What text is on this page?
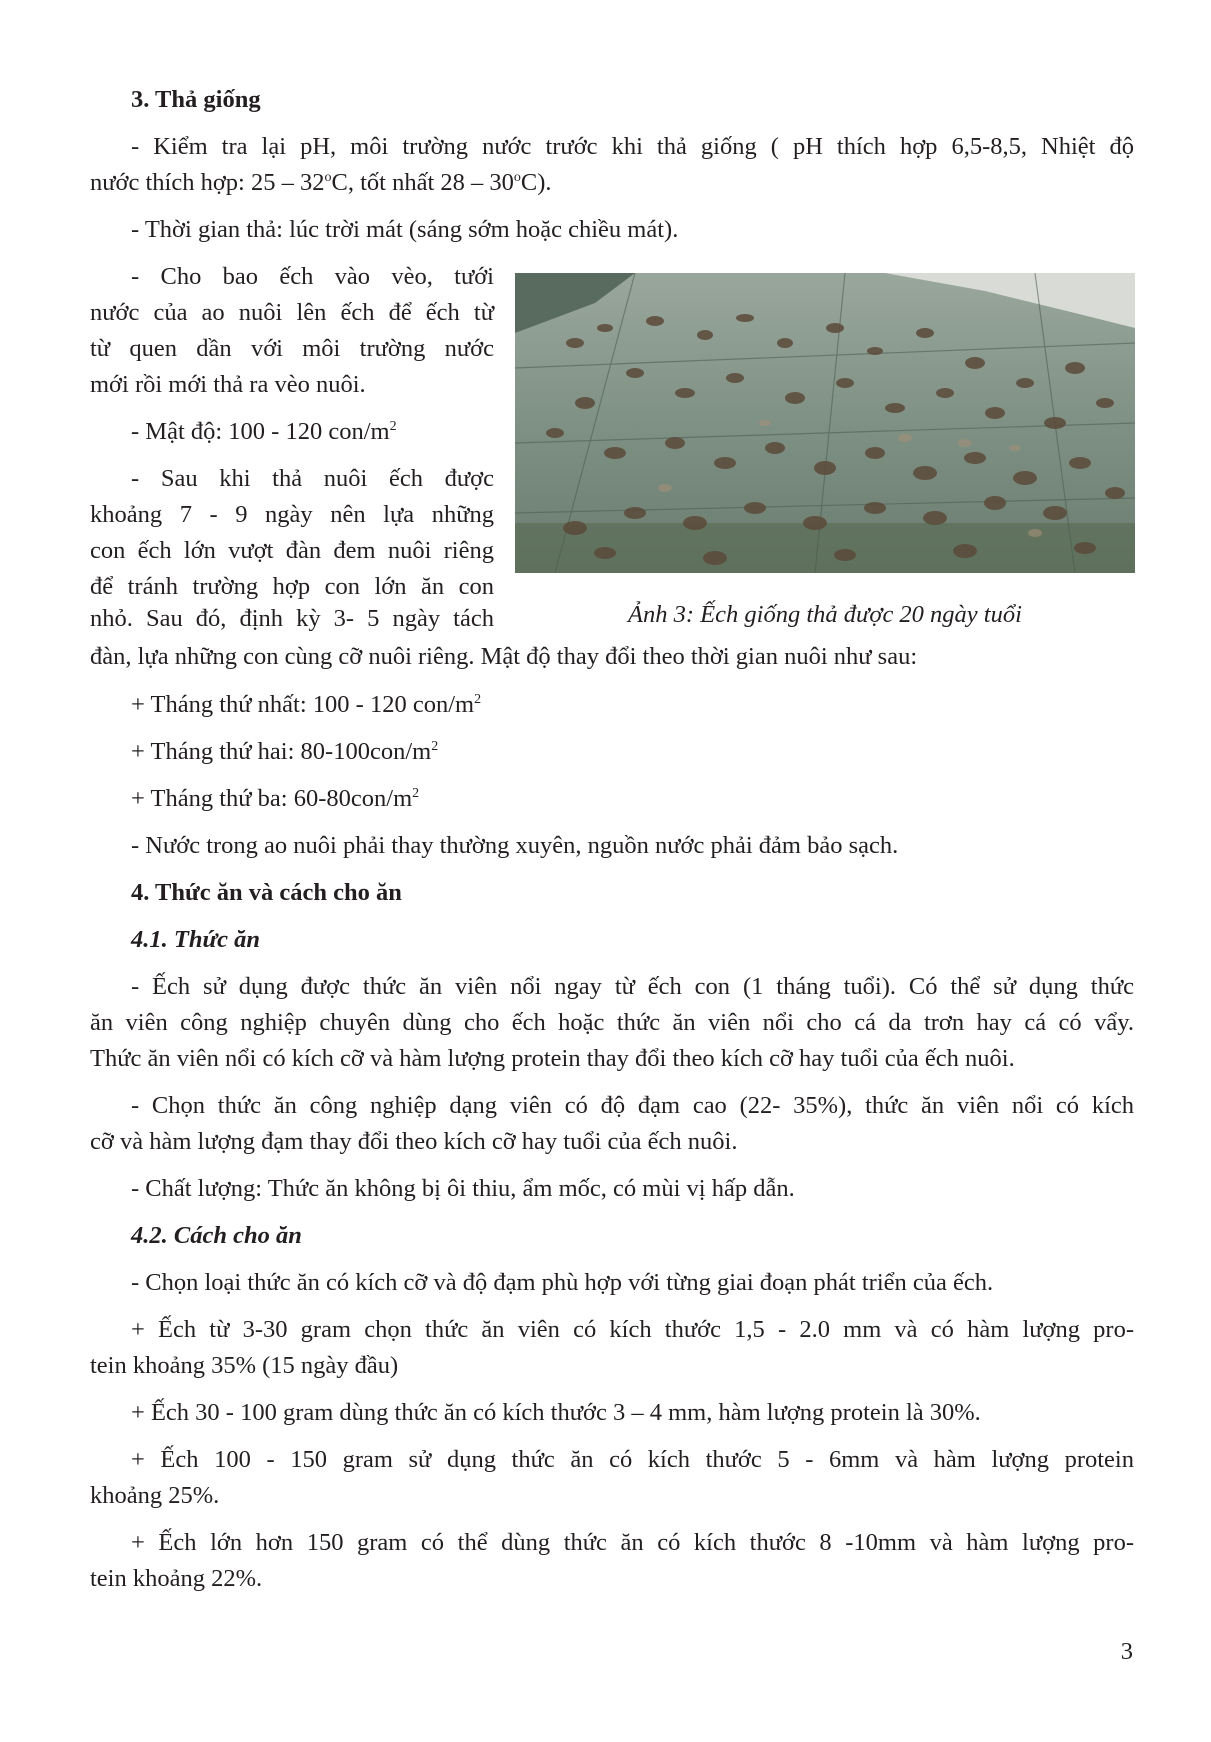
3. Thả giống
- Kiểm tra lại pH, môi trường nước trước khi thả giống ( pH thích hợp 6,5-8,5, Nhiệt độ
nước thích hợp: 25 – 32$^o$C, tốt nhất 28 – 30$^o$C).
- Thời gian thả: lúc trời mát (sáng sớm hoặc chiều mát).
- Cho bao ếch vào vèo, tưới
nước của ao nuôi lên ếch để ếch từ
từ quen dần với môi trường nước
mới rồi mới thả ra vèo nuôi.
- Mật độ: 100 - 120 con/$m^2$
- Sau khi thả nuôi ếch được
khoảng 7 - 9 ngày nên lựa những
con ếch lớn vượt đàn đem nuôi riêng
để tránh trường hợp con lớn ăn con
nhỏ. Sau đó, định kỳ 3- 5 ngày tách
đàn, lựa những con cùng cỡ nuôi riêng. Mật độ thay đổi theo thời gian nuôi như sau:
+ Tháng thứ nhất: 100 - 120 con/$m^2$
+ Tháng thứ hai: $80-100con/m^2$
+ Tháng thứ ba: $60-80con/m^2$
- Nước trong ao nuôi phải thay thường xuyên, nguồn nước phải đảm bảo sạch.
Ảnh 3: Ếch giống thả được 20 ngày tuổi
4. Thức ăn và cách cho ăn
4.1. Thức ăn
- Ếch sử dụng được thức ăn viên nổi ngay từ ếch con (1 tháng tuổi). Có thể sử dụng thức
ăn viên công nghiệp chuyên dùng cho ếch hoặc thức ăn viên nổi cho cá da trơn hay cá có vẩy.
Thức ăn viên nổi có kích cỡ và hàm lượng protein thay đổi theo kích cỡ hay tuổi của ếch nuôi.
- Chọn thức ăn công nghiệp dạng viên có độ đạm cao (22- 35%), thức ăn viên nổi có kích
cỡ và hàm lượng đạm thay đổi theo kích cỡ hay tuổi của ếch nuôi.
- Chất lượng: Thức ăn không bị ôi thiu, ẩm mốc, có mùi vị hấp dẫn.
4.2. Cách cho ăn
- Chọn loại thức ăn có kích cỡ và độ đạm phù hợp với từng giai đoạn phát triển của ếch.
+ Ếch từ 3-30 gram chọn thức ăn viên có kích thước 1,5 - 2.0 mm và có hàm lượng pro-
tein khoảng 35% (15 ngày đầu)
+ Ếch 30 - 100 gram dùng thức ăn có kích thước 3 – 4 mm, hàm lượng protein là 30%.
+ Ếch 100 - 150 gram sử dụng thức ăn có kích thước 5 - 6mm và hàm lượng protein
khoảng 25%.
+ Ếch lớn hơn 150 gram có thể dùng thức ăn có kích thước 8 -10mm và hàm lượng pro-
tein khoảng 22%.
3
